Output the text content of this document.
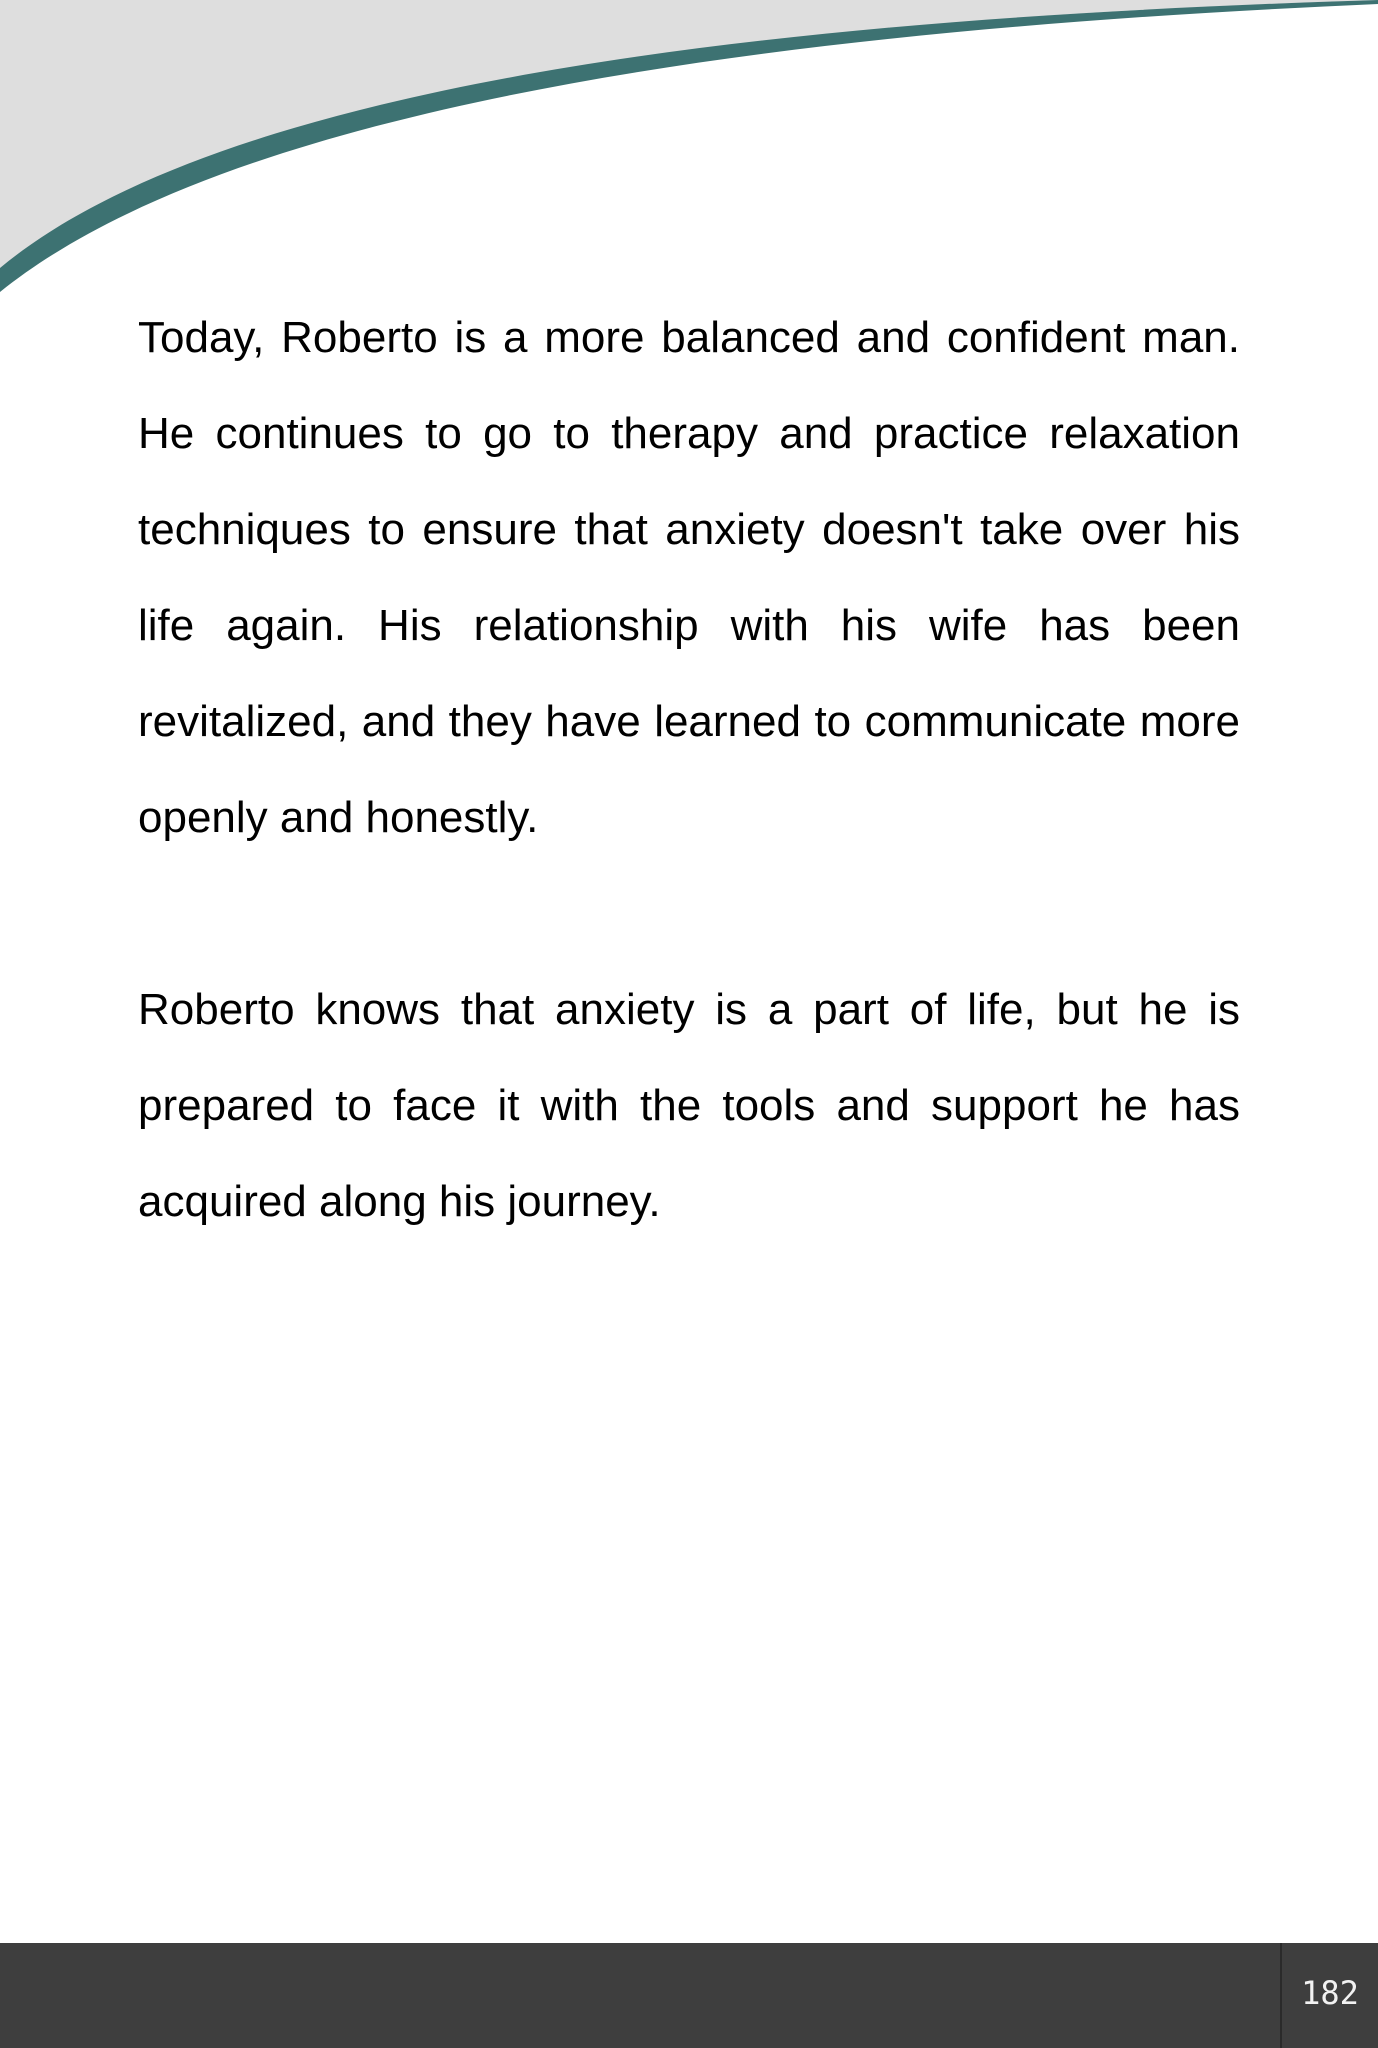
Today, Roberto is a more balanced and confident man. He continues to go to therapy and practice relaxation techniques to ensure that anxiety doesn't take over his life again. His relationship with his wife has been revitalized, and they have learned to communicate more openly and honestly.

Roberto knows that anxiety is a part of life, but he is prepared to face it with the tools and support he has acquired along his journey.

182
